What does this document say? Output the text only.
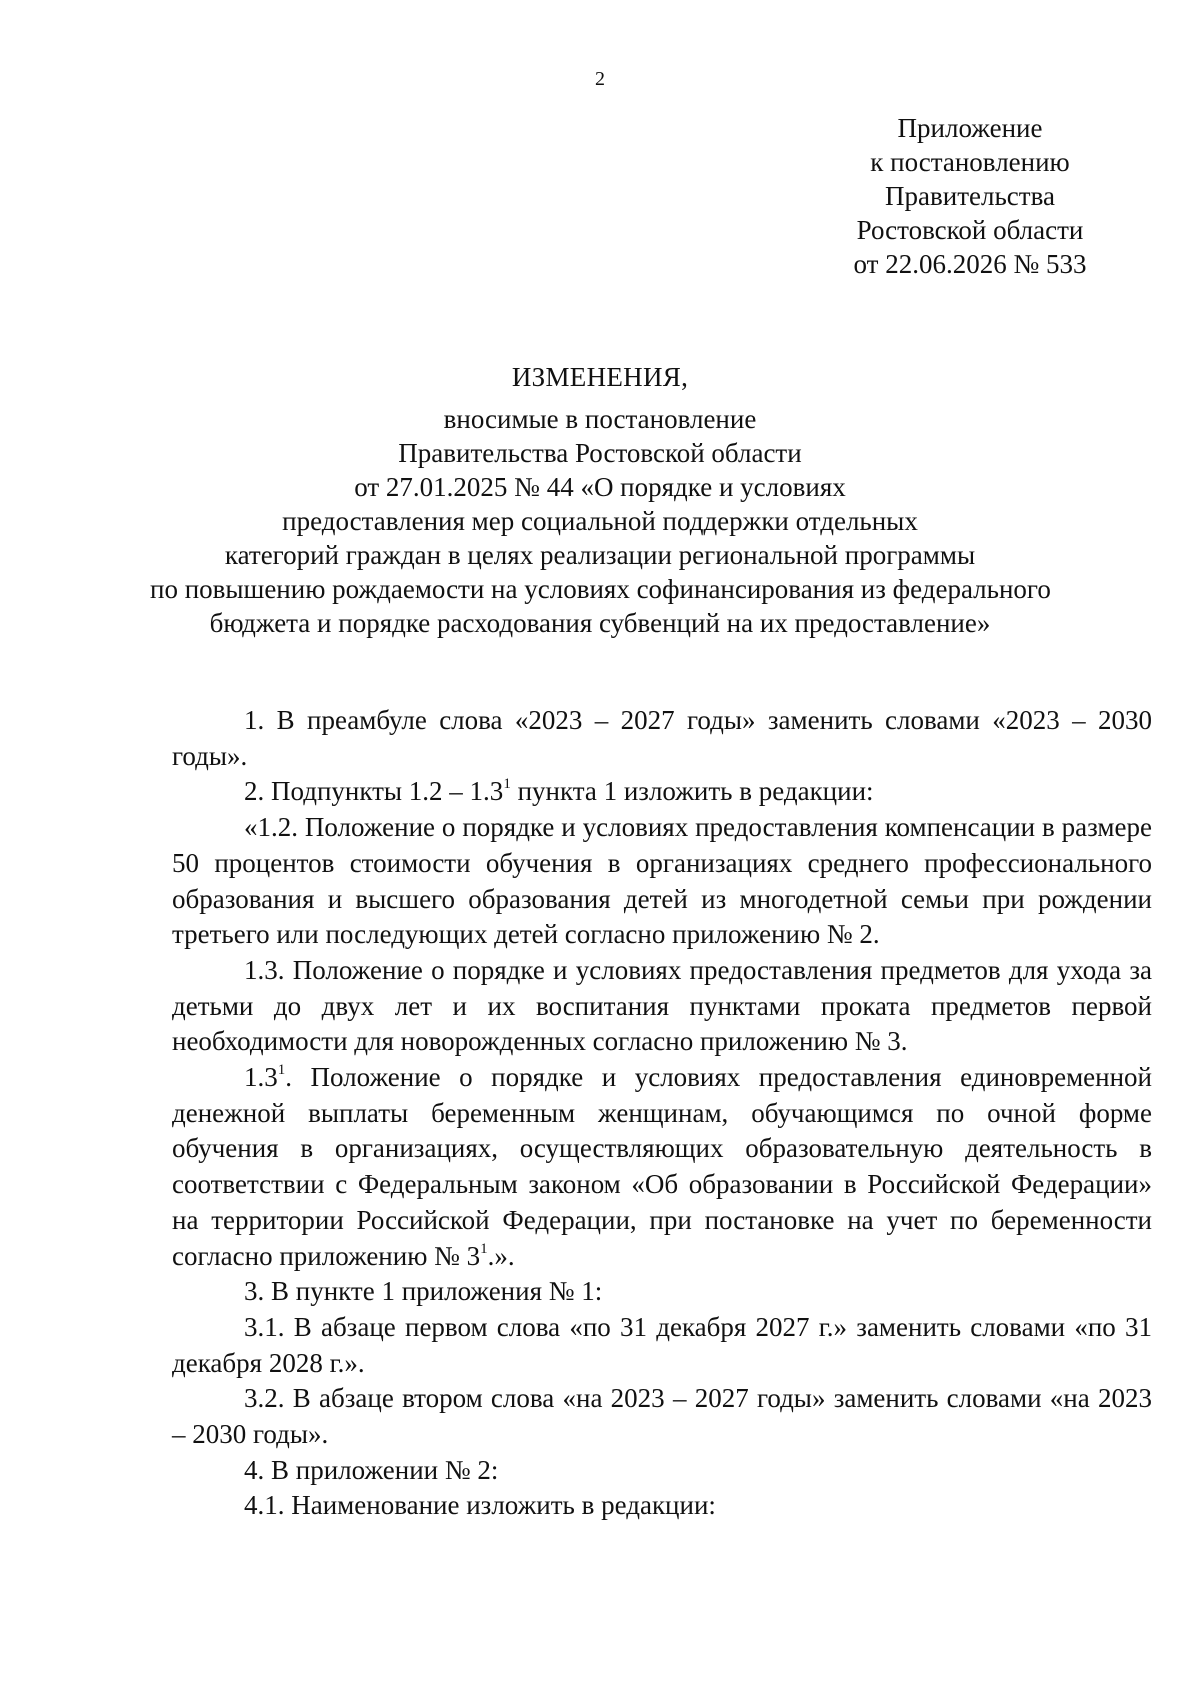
2
Приложение
к постановлению
Правительства
Ростовской области
от 22.06.2026 № 533
ИЗМЕНЕНИЯ,
вносимые в постановление
Правительства Ростовской области
от 27.01.2025 № 44 «О порядке и условиях
предоставления мер социальной поддержки отдельных
категорий граждан в целях реализации региональной программы
по повышению рождаемости на условиях софинансирования из федерального
бюджета и порядке расходования субвенций на их предоставление»

1. В преамбуле слова «2023 – 2027 годы» заменить словами «2023 – 2030 годы».

2. Подпункты $1.2 - 1.3^1$ пункта 1 изложить в редакции:

«1.2. Положение о порядке и условиях предоставления компенсации в размере 50 процентов стоимости обучения в организациях среднего профессионального образования и высшего образования детей из многодетной семьи при рождении третьего или последующих детей согласно приложению № 2.

1.3. Положение о порядке и условиях предоставления предметов для ухода за детьми до двух лет и их воспитания пунктами проката предметов первой необходимости для новорожденных согласно приложению № 3.

$1.3^1$. Положение о порядке и условиях предоставления единовременной денежной выплаты беременным женщинам, обучающимся по очной форме обучения в организациях, осуществляющих образовательную деятельность в соответствии с Федеральным законом «Об образовании в Российской Федерации» на территории Российской Федерации, при постановке на учет по беременности согласно приложению № $3^1$.».

3. В пункте 1 приложения № 1:

3.1. В абзаце первом слова «по 31 декабря 2027 г.» заменить словами «по 31 декабря 2028 г.».

3.2. В абзаце втором слова «на 2023 – 2027 годы» заменить словами «на 2023 – 2030 годы».

4. В приложении № 2:

4.1. Наименование изложить в редакции:
